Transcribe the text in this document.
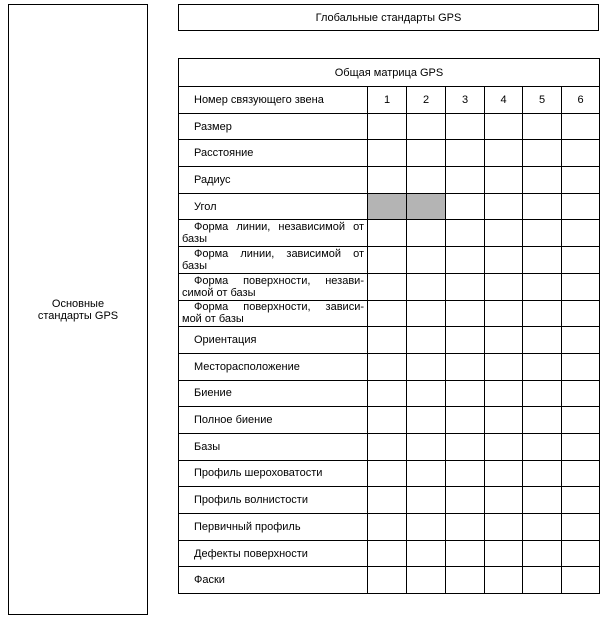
Основные стандарты GPS
Глобальные стандарты GPS
Общая матрица GPS						
Номер связующего звена	1	2	3	4	5	6
Размер						
Расстояние						
Радиус						
Угол						

Форма линии, независимой от
базы						

Форма линии, зависимой от
базы						

Форма поверхности, незави-
симой от базы						

Форма поверхности, зависи-
мой от базы						
Ориентация						
Месторасположение						
Биение						
Полное биение						
Базы						
Профиль шероховатости						
Профиль волнистости						
Первичный профиль						
Дефекты поверхности						
Фаски						
